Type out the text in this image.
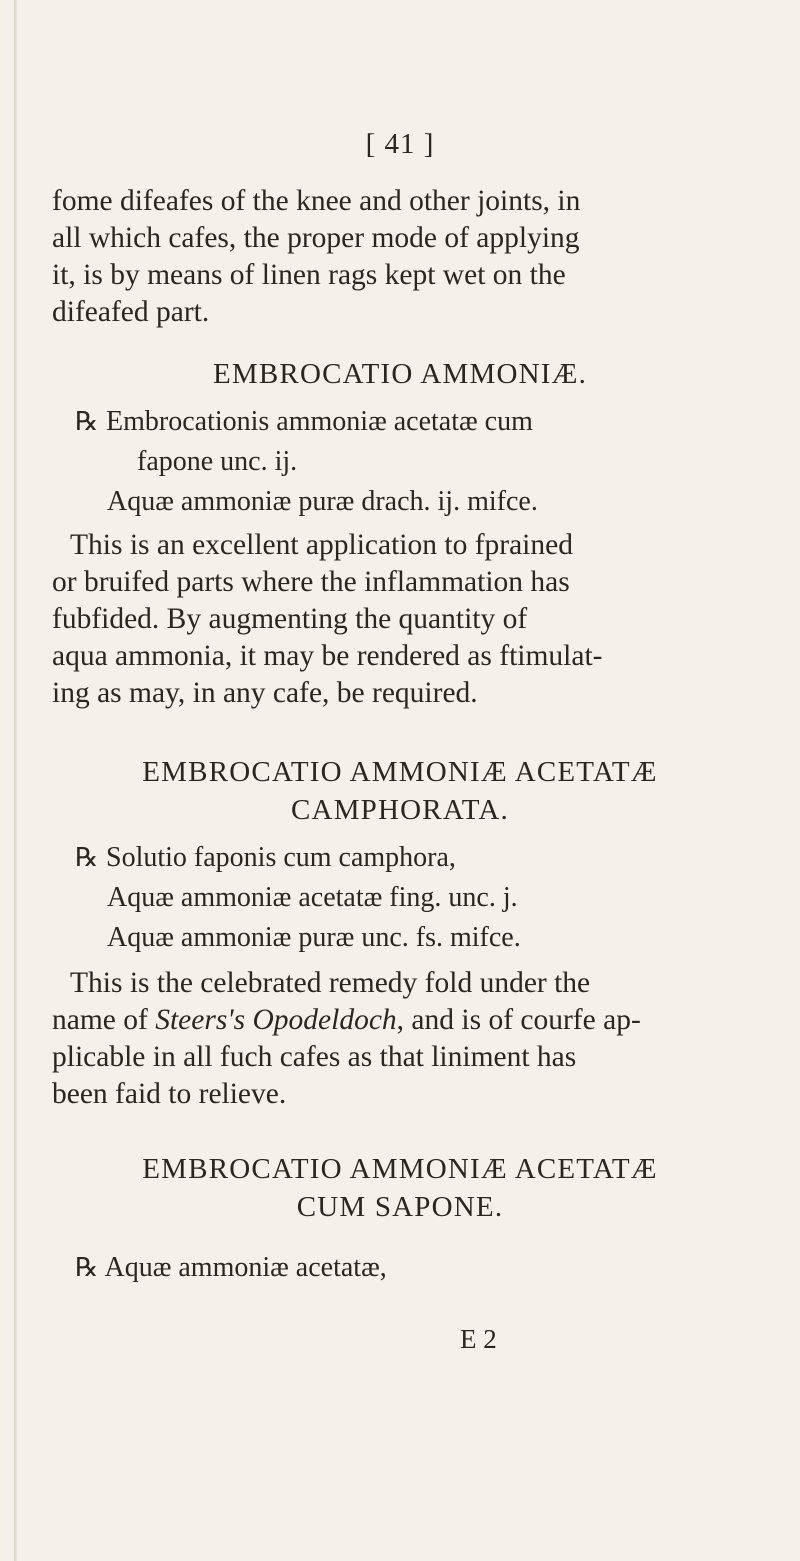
[ 41 ]
fome difeafes of the knee and other joints, in
all which cafes, the proper mode of applying
it, is by means of linen rags kept wet on the
difeafed part.
EMBROCATIO AMMONIÆ.
℞ Embrocationis ammoniæ acetatæ cum
fapone unc. ij.
Aquæ ammoniæ puræ drach. ij. mifce.
This is an excellent application to fprained
or bruifed parts where the inflammation has
fubfided. By augmenting the quantity of
aqua ammonia, it may be rendered as ftimulat-
ing as may, in any cafe, be required.
EMBROCATIO AMMONIÆ ACETATÆ
CAMPHORATA.
℞ Solutio faponis cum camphora,
Aquæ ammoniæ acetatæ fing. unc. j.
Aquæ ammoniæ puræ unc. fs. mifce.
This is the celebrated remedy fold under the
name of Steers's Opodeldoch, and is of courfe ap-
plicable in all fuch cafes as that liniment has
been faid to relieve.
EMBROCATIO AMMONIÆ ACETATÆ
CUM SAPONE.
℞ Aquæ ammoniæ acetatæ,
E 2
